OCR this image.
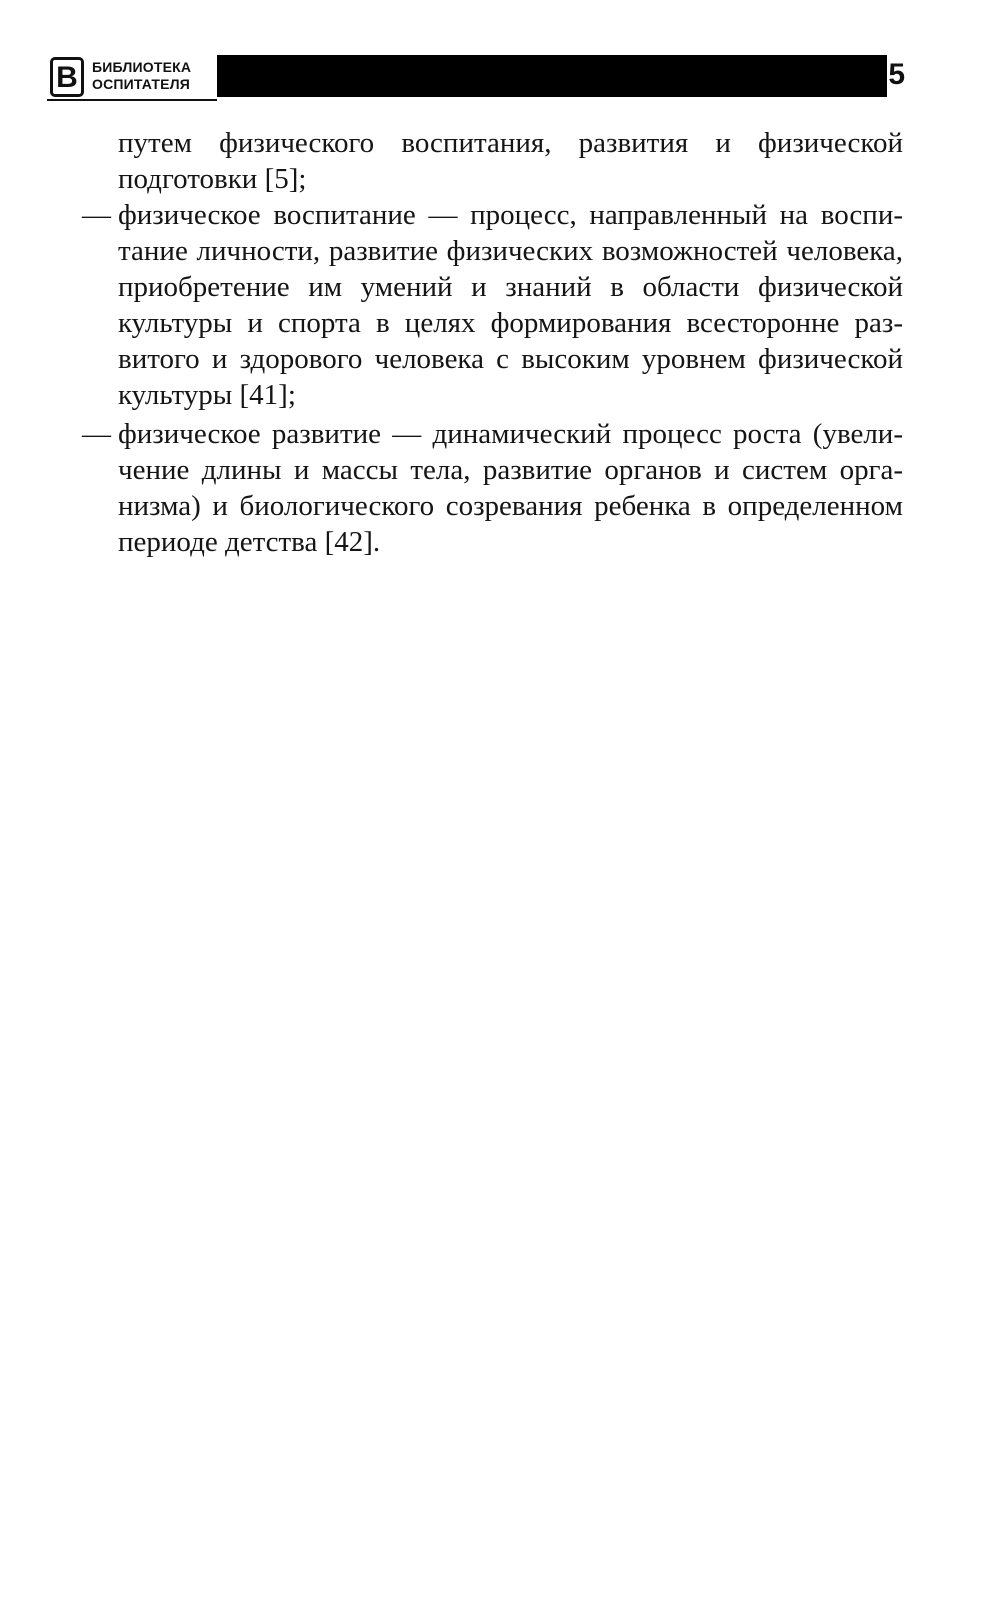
В БИБЛИОТЕКА
ОСПИТАТЕЛЯ	5
путем физического воспитания, развития и физической
подготовки [5];
— физическое воспитание — процесс, направленный на воспи-
тание личности, развитие физических возможностей человека,
приобретение им умений и знаний в области физической
культуры и спорта в целях формирования всесторонне раз-
витого и здорового человека с высоким уровнем физической
культуры [41];
— физическое развитие — динамический процесс роста (увели-
чение длины и массы тела, развитие органов и систем орга-
низма) и биологического созревания ребенка в определенном
периоде детства [42].
